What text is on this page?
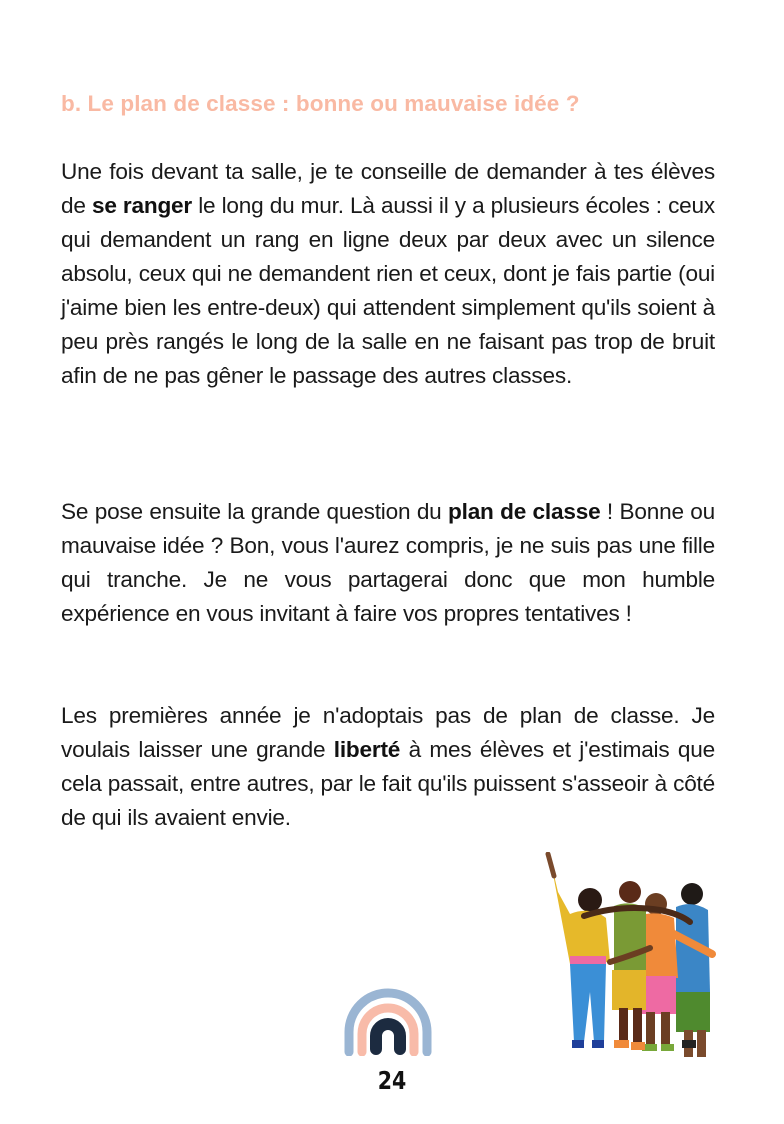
b. Le plan de classe : bonne ou mauvaise idée ?

Une fois devant ta salle, je te conseille de demander à tes élèves de se ranger le long du mur. Là aussi il y a plusieurs écoles : ceux qui demandent un rang en ligne deux par deux avec un silence absolu, ceux qui ne demandent rien et ceux, dont je fais partie (oui j'aime bien les entre-deux) qui attendent simplement qu'ils soient à peu près rangés le long de la salle en ne faisant pas trop de bruit afin de ne pas gêner le passage des autres classes.

Se pose ensuite la grande question du plan de classe ! Bonne ou mauvaise idée ? Bon, vous l'aurez compris, je ne suis pas une fille qui tranche. Je ne vous partagerai donc que mon humble expérience en vous invitant à faire vos propres tentatives !

Les premières année je n'adoptais pas de plan de classe. Je voulais laisser une grande liberté à mes élèves et j'estimais que cela passait, entre autres, par le fait qu'ils puissent s'asseoir à côté de qui ils avaient envie.

24
